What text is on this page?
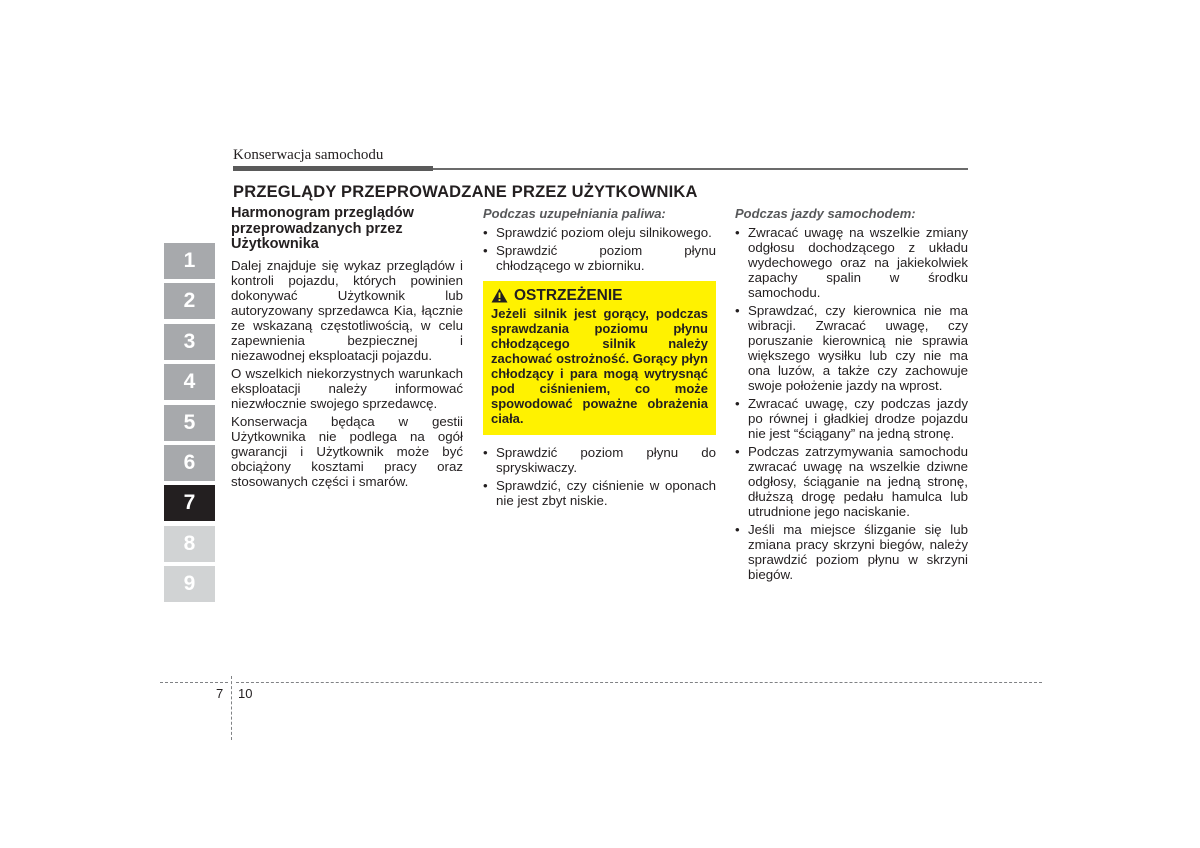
Konserwacja samochodu
PRZEGLĄDY PRZEPROWADZANE PRZEZ UŻYTKOWNIKA
1
2
3
4
5
6
7
8
9
Harmonogram przeglądów przeprowadzanych przez Użytkownika
Dalej znajduje się wykaz przeglądów i kontroli pojazdu, których powinien dokonywać Użytkownik lub autoryzowany sprzedawca Kia, łącznie ze wskazaną częstotliwością, w celu zapewnienia bezpiecznej i niezawodnej eksploatacji pojazdu.
O wszelkich niekorzystnych warunkach eksploatacji należy informować niezwłocznie swojego sprzedawcę.
Konserwacja będąca w gestii Użytkownika nie podlega na ogół gwarancji i Użytkownik może być obciążony kosztami pracy oraz stosowanych części i smarów.
Podczas uzupełniania paliwa:
• Sprawdzić poziom oleju silnikowego.
• Sprawdzić poziom płynu chłodzącego w zbiorniku.
OSTRZEŻENIE
Jeżeli silnik jest gorący, podczas sprawdzania poziomu płynu chłodzącego silnik należy zachować ostrożność. Gorący płyn chłodzący i para mogą wytrysnąć pod ciśnieniem, co może spowodować poważne obrażenia ciała.
• Sprawdzić poziom płynu do spryskiwaczy.
• Sprawdzić, czy ciśnienie w oponach nie jest zbyt niskie.
Podczas jazdy samochodem:
• Zwracać uwagę na wszelkie zmiany odgłosu dochodzącego z układu wydechowego oraz na jakiekolwiek zapachy spalin w środku samochodu.
• Sprawdzać, czy kierownica nie ma wibracji. Zwracać uwagę, czy poruszanie kierownicą nie sprawia większego wysiłku lub czy nie ma ona luzów, a także czy zachowuje swoje położenie jazdy na wprost.
• Zwracać uwagę, czy podczas jazdy po równej i gładkiej drodze pojazdu nie jest “ściągany” na jedną stronę.
• Podczas zatrzymywania samochodu zwracać uwagę na wszelkie dziwne odgłosy, ściąganie na jedną stronę, dłuższą drogę pedału hamulca lub utrudnione jego naciskanie.
• Jeśli ma miejsce ślizganie się lub zmiana pracy skrzyni biegów, należy sprawdzić poziom płynu w skrzyni biegów.
7 10
